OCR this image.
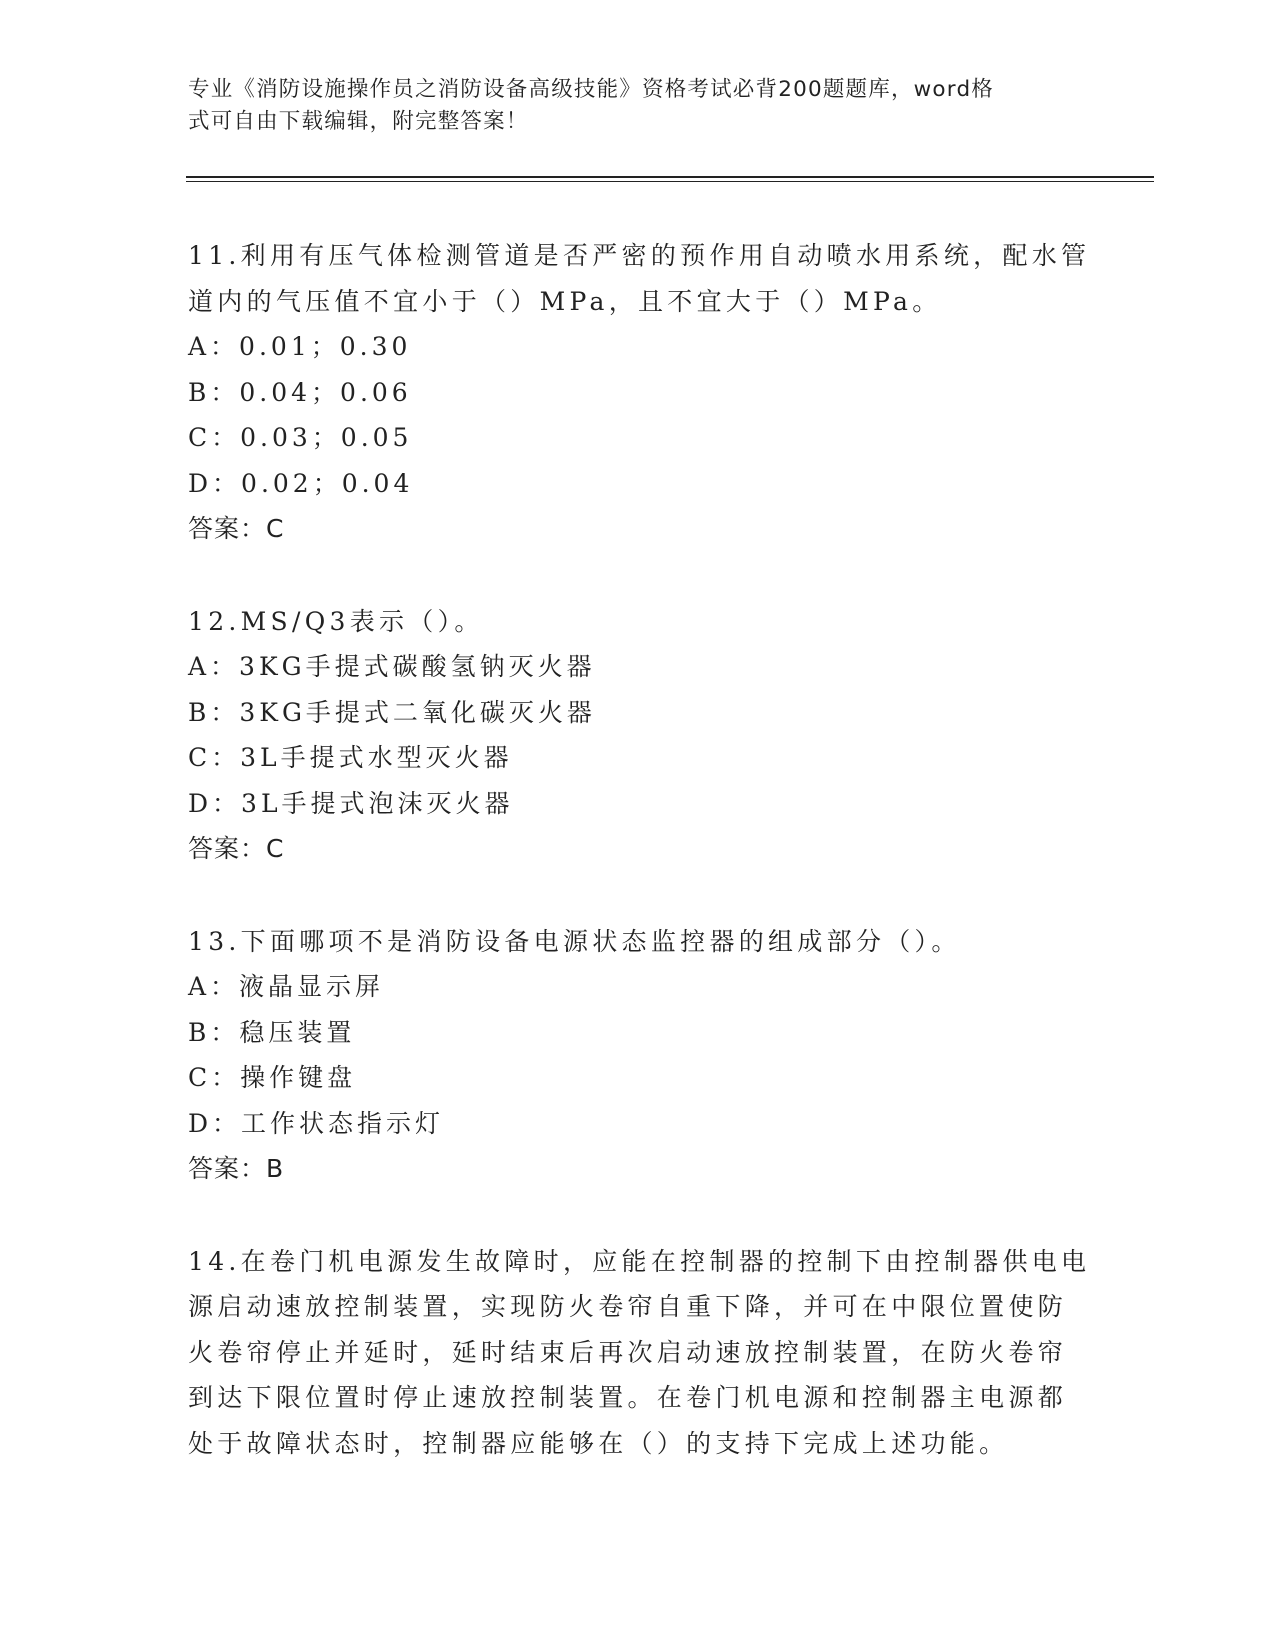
专业《消防设施操作员之消防设备高级技能》资格考试必背200题题库，word格
式可自由下载编辑，附完整答案！
11.利用有压气体检测管道是否严密的预作用自动喷水用系统，配水管
道内的气压值不宜小于（）MPa，且不宜大于（）MPa。
A：0.01；0.30
B：0.04；0.06
C：0.03；0.05
D：0.02；0.04
答案：C
12.MS/Q3表示（）。
A：3KG手提式碳酸氢钠灭火器
B：3KG手提式二氧化碳灭火器
C：3L手提式水型灭火器
D：3L手提式泡沫灭火器
答案：C
13.下面哪项不是消防设备电源状态监控器的组成部分（）。
A：液晶显示屏
B：稳压装置
C：操作键盘
D：工作状态指示灯
答案：B
14.在卷门机电源发生故障时，应能在控制器的控制下由控制器供电电
源启动速放控制装置，实现防火卷帘自重下降，并可在中限位置使防
火卷帘停止并延时，延时结束后再次启动速放控制装置，在防火卷帘
到达下限位置时停止速放控制装置。在卷门机电源和控制器主电源都
处于故障状态时，控制器应能够在（）的支持下完成上述功能。
